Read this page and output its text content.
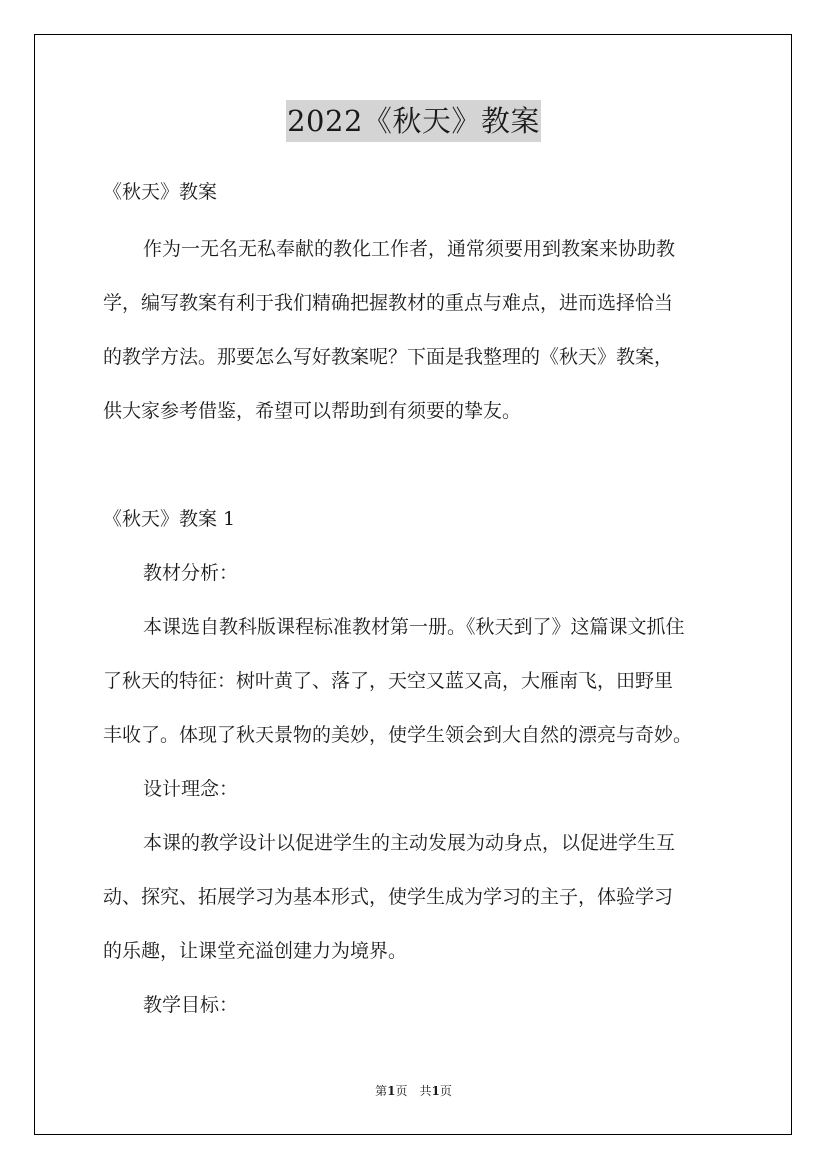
2022《秋天》教案
《秋天》教案
作为一无名无私奉献的教化工作者，通常须要用到教案来协助教
学，编写教案有利于我们精确把握教材的重点与难点，进而选择恰当
的教学方法。那要怎么写好教案呢？下面是我整理的《秋天》教案，
供大家参考借鉴，希望可以帮助到有须要的挚友。
《秋天》教案 1
教材分析：
本课选自教科版课程标准教材第一册。《秋天到了》这篇课文抓住
了秋天的特征：树叶黄了、落了，天空又蓝又高，大雁南飞，田野里
丰收了。体现了秋天景物的美妙，使学生领会到大自然的漂亮与奇妙。
设计理念：
本课的教学设计以促进学生的主动发展为动身点，以促进学生互
动、探究、拓展学习为基本形式，使学生成为学习的主子，体验学习
的乐趣，让课堂充溢创建力为境界。
教学目标：
第1页　共1页
